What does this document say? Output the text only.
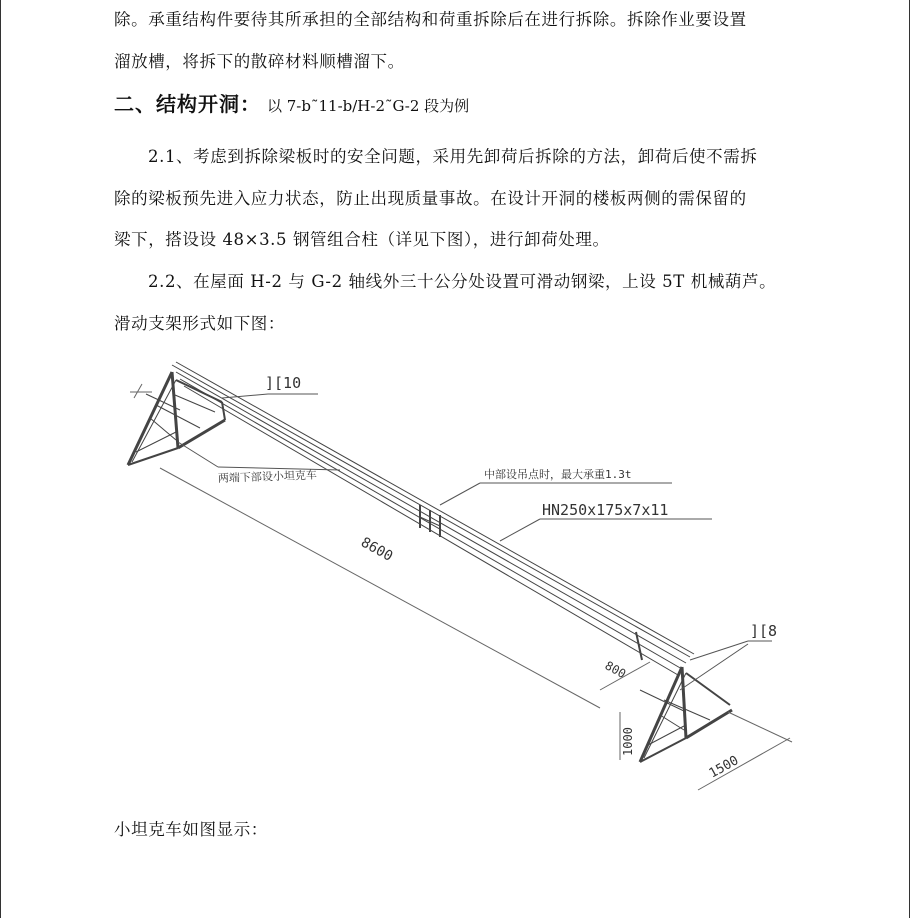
除。承重结构件要待其所承担的全部结构和荷重拆除后在进行拆除。拆除作业要设置
溜放槽，将拆下的散碎材料顺槽溜下。
二、结构开洞： 以 7-b˜11-b/H-2˜G-2 段为例
2.1、考虑到拆除梁板时的安全问题，采用先卸荷后拆除的方法，卸荷后使不需拆
除的梁板预先进入应力状态，防止出现质量事故。在设计开洞的楼板两侧的需保留的
梁下，搭设设 48×3.5 钢管组合柱（详见下图），进行卸荷处理。
2.2、在屋面 H-2 与 G-2 轴线外三十公分处设置可滑动钢梁，上设 5T 机械葫芦。
滑动支架形式如下图：
][10
两端下部设小坦克车	中部设吊点时，最大承重1.3t
HN250x175x7x11
8600
][8
800
1000
1500
小坦克车如图显示：
